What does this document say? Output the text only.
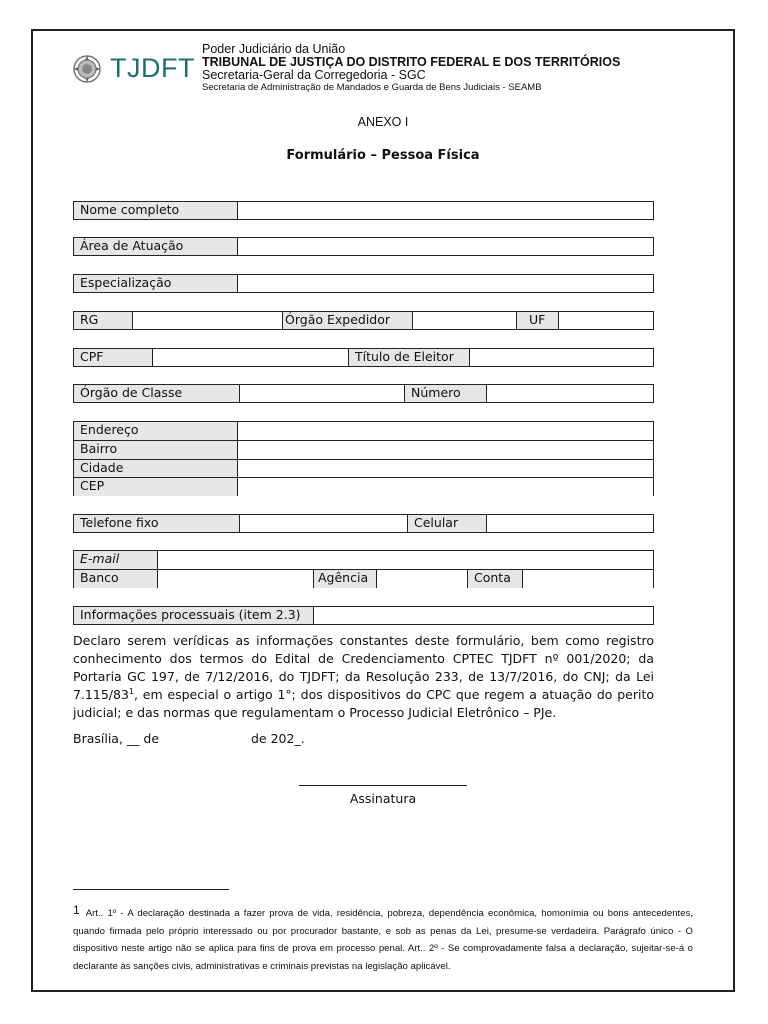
TJDFT
Poder Judiciário da União
TRIBUNAL DE JUSTIÇA DO DISTRITO FEDERAL E DOS TERRITÓRIOS
Secretaria-Geral da Corregedoria - SGC
Secretaria de Administração de Mandados e Guarda de Bens Judiciais - SEAMB
ANEXO I
Formulário – Pessoa Física
Nome completo
Área de Atuação
Especialização
RG	Órgão Expedidor	UF
CPF	Título de Eleitor
Órgão de Classe	Número
Endereço
Bairro
Cidade
CEP
Telefone fixo	Celular
E-mail
Banco	Agência	Conta
Informações processuais (item 2.3)
Declaro serem verídicas as informações constantes deste formulário, bem como registro conhecimento dos termos do Edital de Credenciamento CPTEC TJDFT nº 001/2020; da Portaria GC 197, de 7/12/2016, do TJDFT; da Resolução 233, de 13/7/2016, do CNJ; da Lei $7.115/83^1$, em especial o artigo 1°; dos dispositivos do CPC que regem a atuação do perito judicial; e das normas que regulamentam o Processo Judicial Eletrônico – PJe.
Brasília, __ de	de 202_.
Assinatura
1 Art.. 1º - A declaração destinada a fazer prova de vida, residência, pobreza, dependência econômica, homonímia ou bons antecedentes, quando firmada pelo próprio interessado ou por procurador bastante, e sob as penas da Lei, presume-se verdadeira. Parágrafo único - O dispositivo neste artigo não se aplica para fins de prova em processo penal. Art.. 2º - Se comprovadamente falsa a declaração, sujeitar-se-á o declarante às sanções civis, administrativas e criminais previstas na legislação aplicável.
